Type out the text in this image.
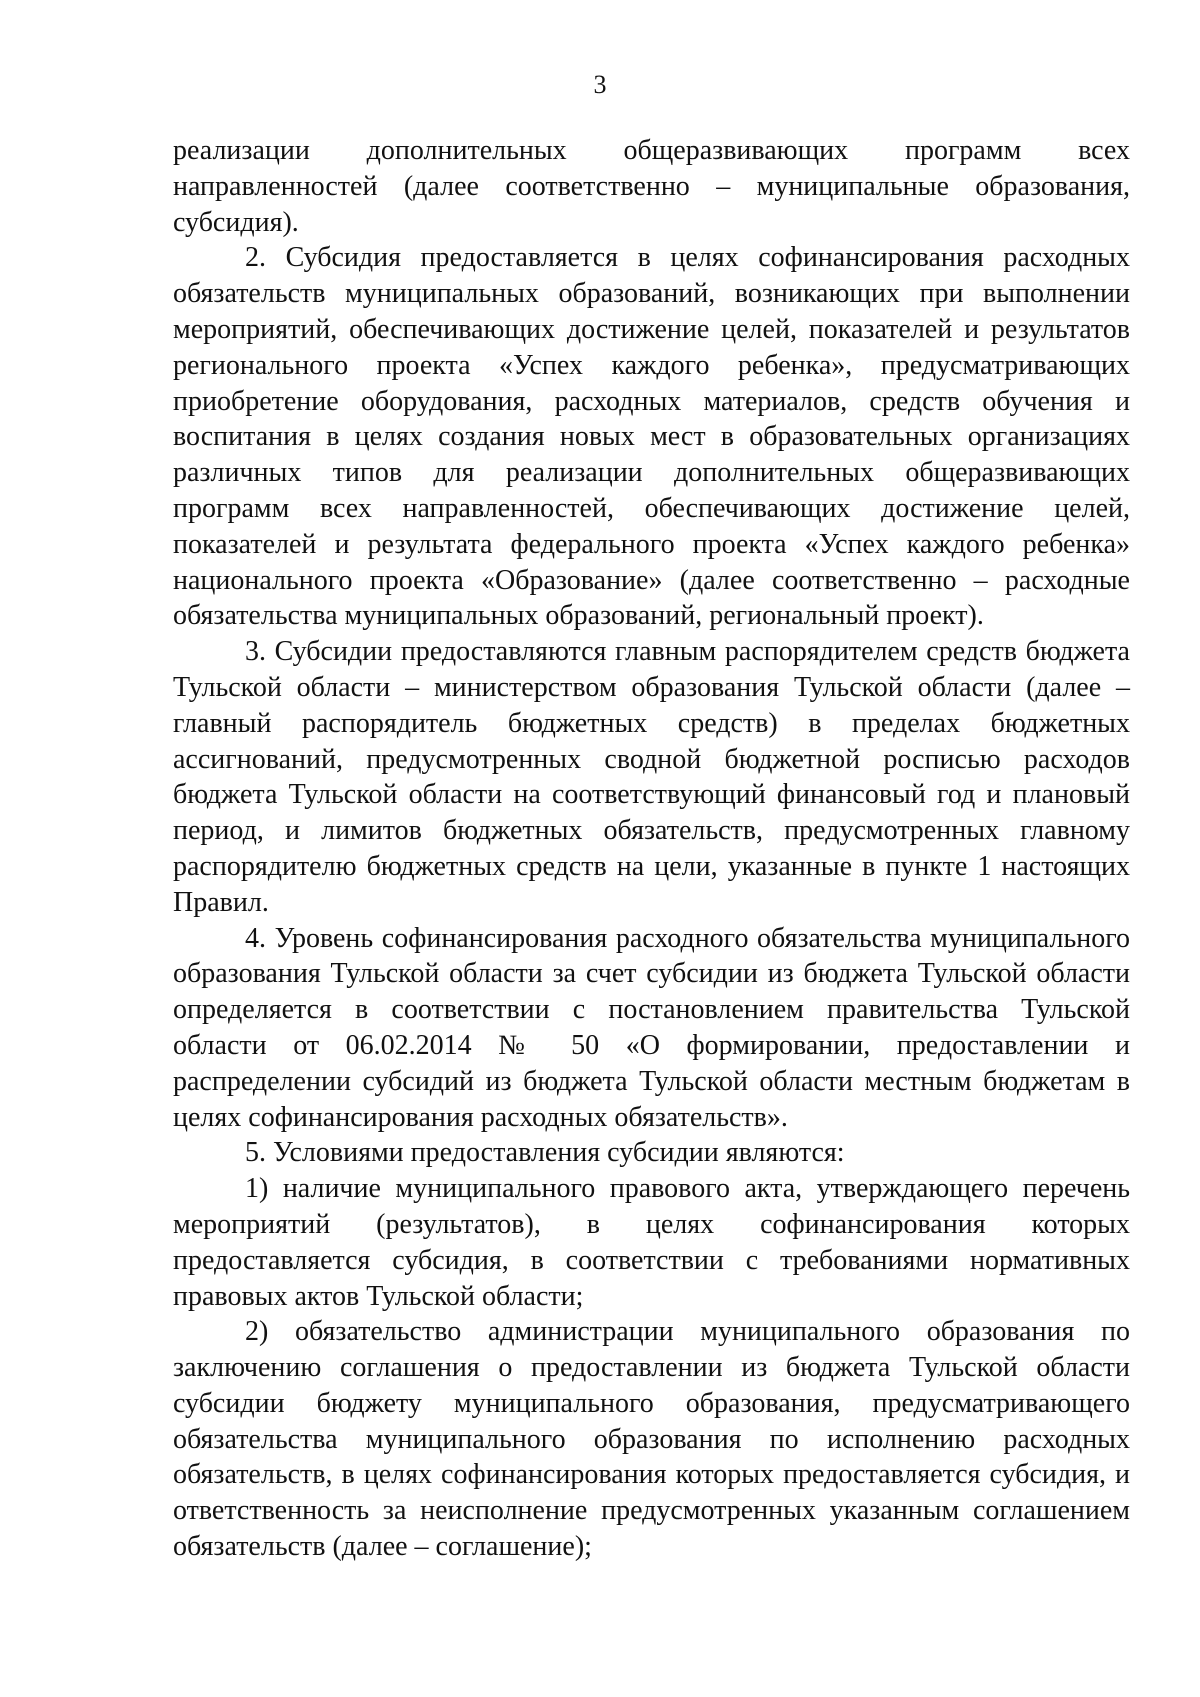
3

реализации дополнительных общеразвивающих программ всех направленностей (далее соответственно – муниципальные образования, субсидия).

2. Субсидия предоставляется в целях софинансирования расходных обязательств муниципальных образований, возникающих при выполнении мероприятий, обеспечивающих достижение целей, показателей и результатов регионального проекта «Успех каждого ребенка», предусматривающих приобретение оборудования, расходных материалов, средств обучения и воспитания в целях создания новых мест в образовательных организациях различных типов для реализации дополнительных общеразвивающих программ всех направленностей, обеспечивающих достижение целей, показателей и результата федерального проекта «Успех каждого ребенка» национального проекта «Образование» (далее соответственно – расходные обязательства муниципальных образований, региональный проект).

3. Субсидии предоставляются главным распорядителем средств бюджета Тульской области – министерством образования Тульской области (далее – главный распорядитель бюджетных средств) в пределах бюджетных ассигнований, предусмотренных сводной бюджетной росписью расходов бюджета Тульской области на соответствующий финансовый год и плановый период, и лимитов бюджетных обязательств, предусмотренных главному распорядителю бюджетных средств на цели, указанные в пункте 1 настоящих Правил.

4. Уровень софинансирования расходного обязательства муниципального образования Тульской области за счет субсидии из бюджета Тульской области определяется в соответствии с постановлением правительства Тульской области от 06.02.2014 № 50 «О формировании, предоставлении и распределении субсидий из бюджета Тульской области местным бюджетам в целях софинансирования расходных обязательств».

5. Условиями предоставления субсидии являются:

1) наличие муниципального правового акта, утверждающего перечень мероприятий (результатов), в целях софинансирования которых предоставляется субсидия, в соответствии с требованиями нормативных правовых актов Тульской области;

2) обязательство администрации муниципального образования по заключению соглашения о предоставлении из бюджета Тульской области субсидии бюджету муниципального образования, предусматривающего обязательства муниципального образования по исполнению расходных обязательств, в целях софинансирования которых предоставляется субсидия, и ответственность за неисполнение предусмотренных указанным соглашением обязательств (далее – соглашение);
